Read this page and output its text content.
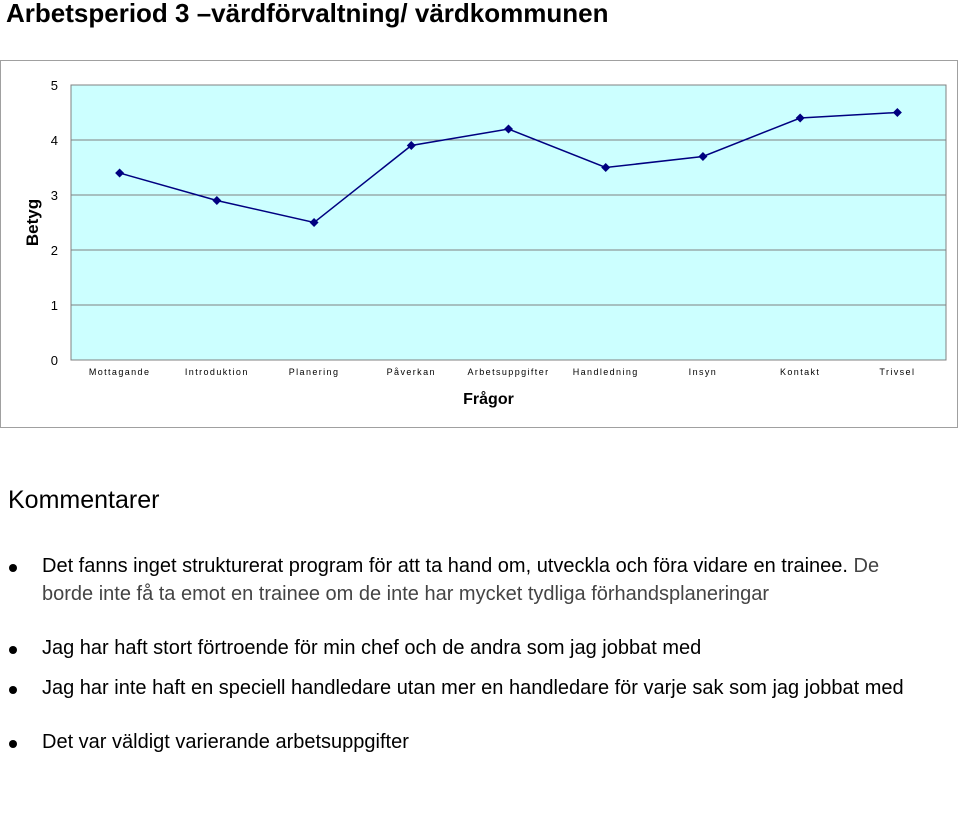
Arbetsperiod 3 –värdförvaltning/ värdkommunen
0
1
2
3
4
5
Mottagande	Introduktion	Planering	Påverkan	Arbetsuppgifter	Handledning	Insyn	Kontakt	Trivsel
Betyg
Frågor
Kommentarer
Det fanns inget strukturerat program för att ta hand om, utveckla och föra vidare en trainee. De borde inte få ta emot en trainee om de inte har mycket tydliga förhandsplaneringar
Jag har haft stort förtroende för min chef och de andra som jag jobbat med
Jag har inte haft en speciell handledare utan mer en handledare för varje sak som jag jobbat med
Det var väldigt varierande arbetsuppgifter
